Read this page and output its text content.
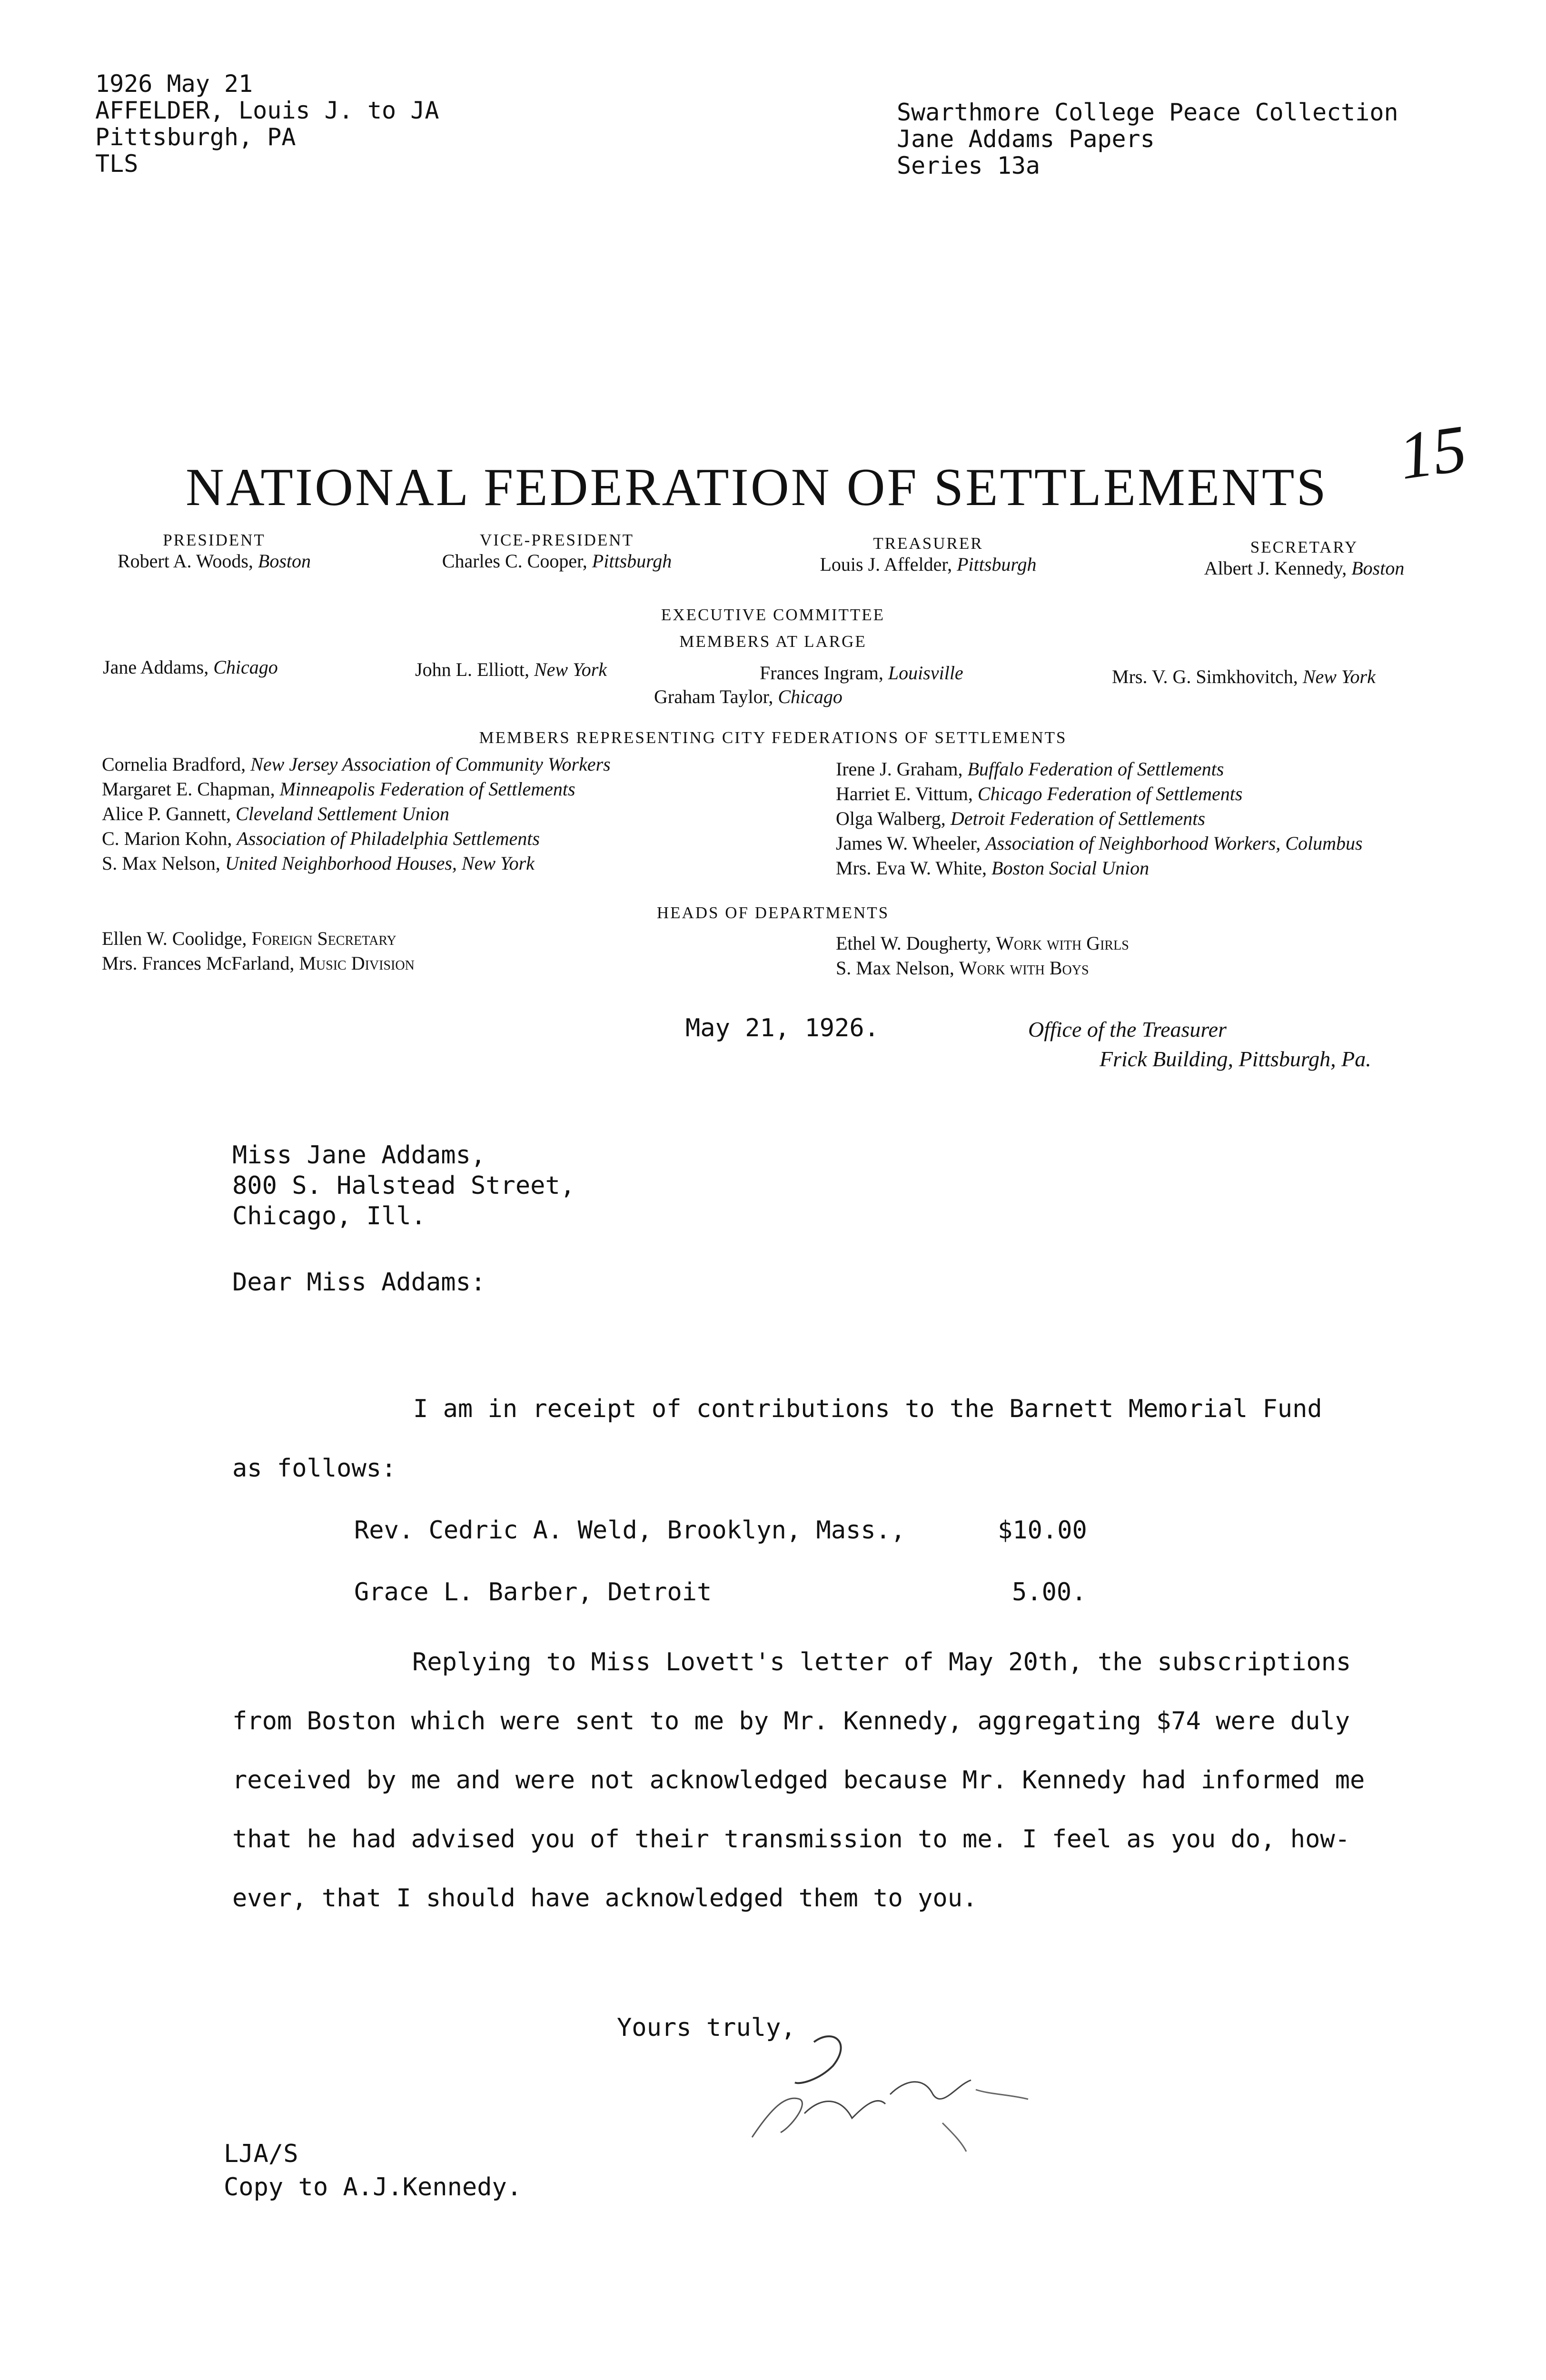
1926 May 21
AFFELDER, Louis J. to JA
Pittsburgh, PA
TLS
Swarthmore College Peace Collection
Jane Addams Papers
Series 13a
15
NATIONAL FEDERATION OF SETTLEMENTS
PRESIDENT
Robert A. Woods, Boston
VICE-PRESIDENT
Charles C. Cooper, Pittsburgh
TREASURER
Louis J. Affelder, Pittsburgh
SECRETARY
Albert J. Kennedy, Boston
EXECUTIVE COMMITTEE
MEMBERS AT LARGE
Jane Addams, Chicago	John L. Elliott, New York	Frances Ingram, Louisville	Mrs. V. G. Simkhovitch, New York
Graham Taylor, Chicago
MEMBERS REPRESENTING CITY FEDERATIONS OF SETTLEMENTS
Cornelia Bradford, New Jersey Association of Community Workers
Margaret E. Chapman, Minneapolis Federation of Settlements
Alice P. Gannett, Cleveland Settlement Union
C. Marion Kohn, Association of Philadelphia Settlements
S. Max Nelson, United Neighborhood Houses, New York
Irene J. Graham, Buffalo Federation of Settlements
Harriet E. Vittum, Chicago Federation of Settlements
Olga Walberg, Detroit Federation of Settlements
James W. Wheeler, Association of Neighborhood Workers, Columbus
Mrs. Eva W. White, Boston Social Union
HEADS OF DEPARTMENTS
Ellen W. Coolidge, Foreign Secretary
Mrs. Frances McFarland, Music Division
Ethel W. Dougherty, Work with Girls
S. Max Nelson, Work with Boys
May 21, 1926.	Office of the Treasurer
Frick Building, Pittsburgh, Pa.
Miss Jane Addams,
800 S. Halstead Street,
Chicago, Ill.
Dear Miss Addams:
I am in receipt of contributions to the Barnett Memorial Fund
as follows:
Rev. Cedric A. Weld, Brooklyn, Mass.,	$10.00
Grace L. Barber, Detroit	5.00.
Replying to Miss Lovett's letter of May 20th, the subscriptions
from Boston which were sent to me by Mr. Kennedy, aggregating $74 were duly
received by me and were not acknowledged because Mr. Kennedy had informed me
that he had advised you of their transmission to me. I feel as you do, how-
ever, that I should have acknowledged them to you.
Yours truly,
LJA/S
Copy to A.J.Kennedy.
